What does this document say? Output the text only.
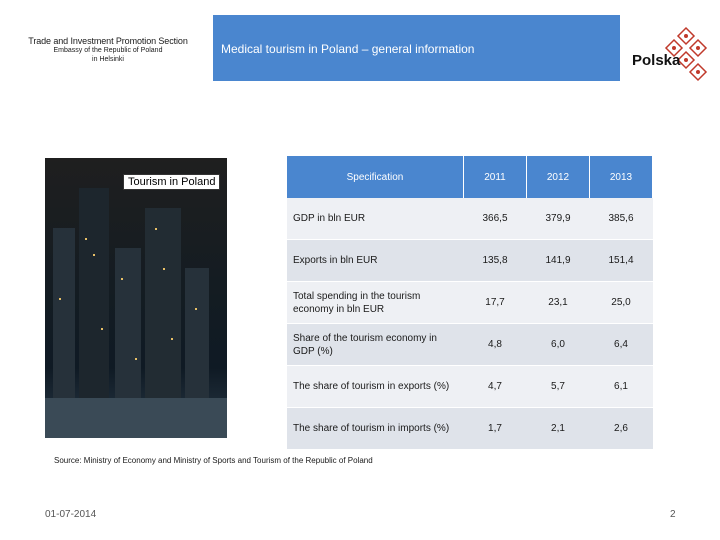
Trade and Investment Promotion Section
Embassy of the Republic of Poland
in Helsinki
Medical tourism in Poland – general information
Polska
Tourism in Poland	Specification	2011	2012	2013
GDP in bln EUR	366,5	379,9	385,6
Exports in bln EUR	135,8	141,9	151,4
Total spending in the tourism economy in bln EUR	17,7	23,1	25,0
Share of the tourism economy in GDP (%)	4,8	6,0	6,4
The share of tourism in exports (%)	4,7	5,7	6,1
The share of tourism in imports (%)	1,7	2,1	2,6
Source: Ministry of Economy and Ministry of Sports and Tourism of the Republic of Poland
01-07-2014	2
